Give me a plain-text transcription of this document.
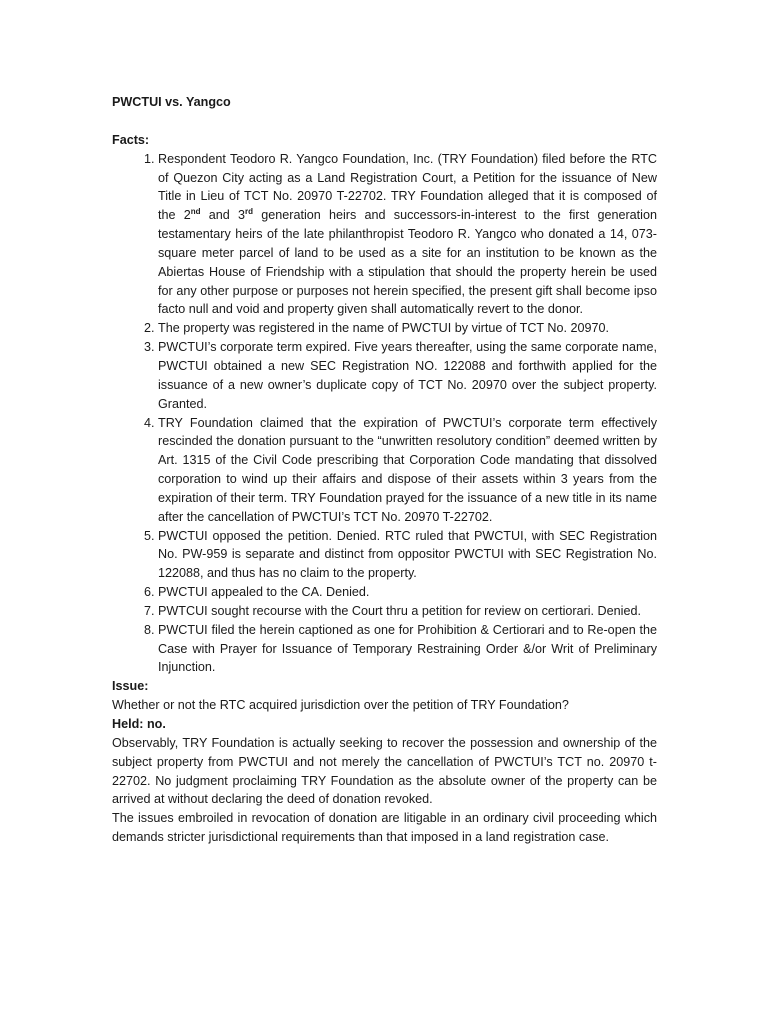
PWCTUI vs. Yangco

Facts:

1. Respondent Teodoro R. Yangco Foundation, Inc. (TRY Foundation) filed before the RTC of Quezon City acting as a Land Registration Court, a Petition for the issuance of New Title in Lieu of TCT No. 20970 T-22702. TRY Foundation alleged that it is composed of the 2nd and 3rd generation heirs and successors-in-interest to the first generation testamentary heirs of the late philanthropist Teodoro R. Yangco who donated a 14, 073-square meter parcel of land to be used as a site for an institution to be known as the Abiertas House of Friendship with a stipulation that should the property herein be used for any other purpose or purposes not herein specified, the present gift shall become ipso facto null and void and property given shall automatically revert to the donor.
2. The property was registered in the name of PWCTUI by virtue of TCT No. 20970.
3. PWCTUI’s corporate term expired. Five years thereafter, using the same corporate name, PWCTUI obtained a new SEC Registration NO. 122088 and forthwith applied for the issuance of a new owner’s duplicate copy of TCT No. 20970 over the subject property. Granted.
4. TRY Foundation claimed that the expiration of PWCTUI’s corporate term effectively rescinded the donation pursuant to the “unwritten resolutory condition” deemed written by Art. 1315 of the Civil Code prescribing that Corporation Code mandating that dissolved corporation to wind up their affairs and dispose of their assets within 3 years from the expiration of their term. TRY Foundation prayed for the issuance of a new title in its name after the cancellation of PWCTUI’s TCT No. 20970 T-22702.
5. PWCTUI opposed the petition. Denied. RTC ruled that PWCTUI, with SEC Registration No. PW-959 is separate and distinct from oppositor PWCTUI with SEC Registration No. 122088, and thus has no claim to the property.
6. PWCTUI appealed to the CA. Denied.
7. PWTCUI sought recourse with the Court thru a petition for review on certiorari. Denied.
8. PWCTUI filed the herein captioned as one for Prohibition & Certiorari and to Re-open the Case with Prayer for Issuance of Temporary Restraining Order &/or Writ of Preliminary Injunction.

Issue:

Whether or not the RTC acquired jurisdiction over the petition of TRY Foundation?

Held: no.

Observably, TRY Foundation is actually seeking to recover the possession and ownership of the subject property from PWCTUI and not merely the cancellation of PWCTUI’s TCT no. 20970 t-22702. No judgment proclaiming TRY Foundation as the absolute owner of the property can be arrived at without declaring the deed of donation revoked.

The issues embroiled in revocation of donation are litigable in an ordinary civil proceeding which demands stricter jurisdictional requirements than that imposed in a land registration case.
